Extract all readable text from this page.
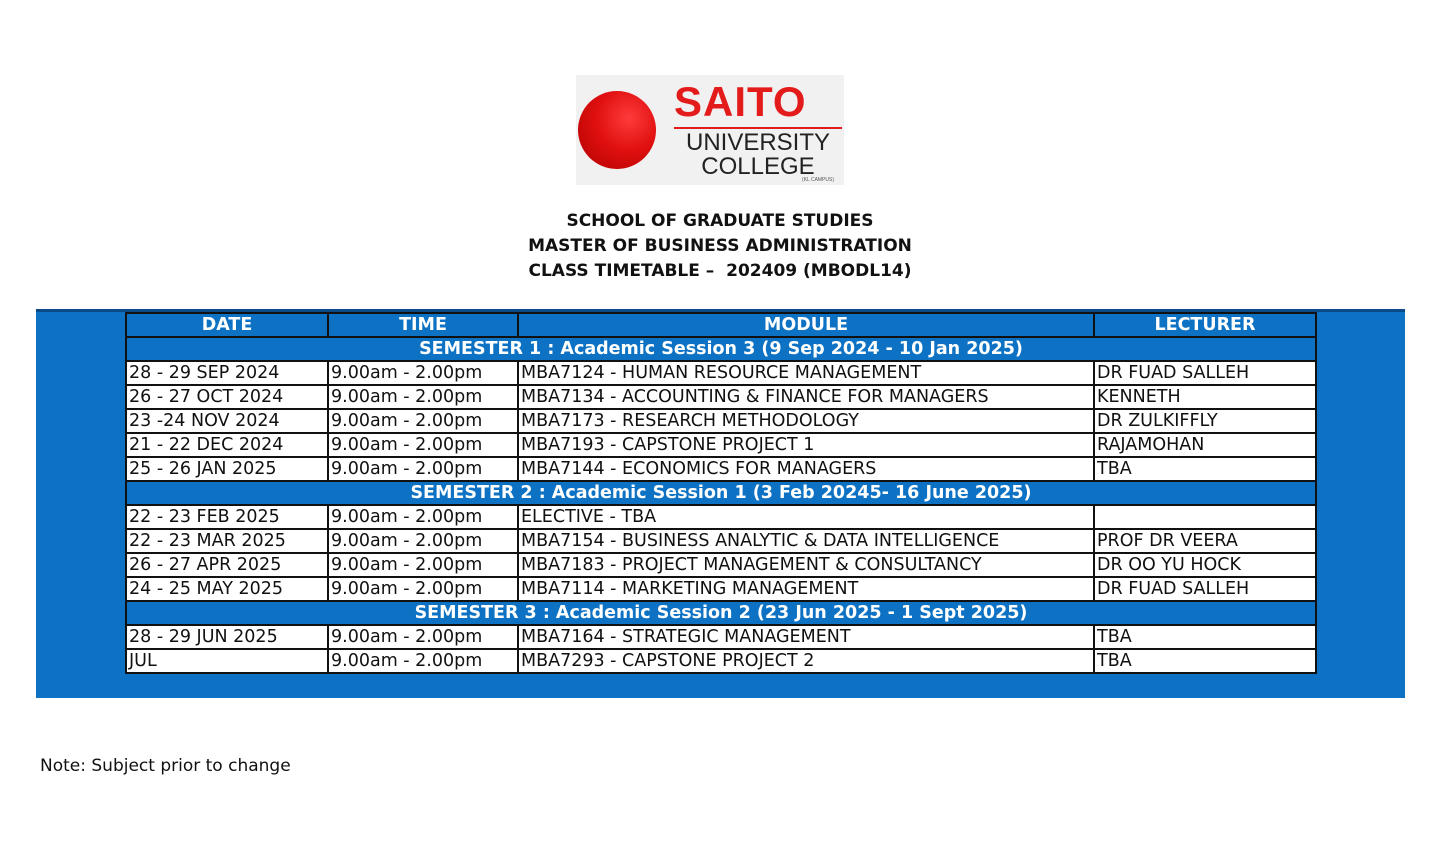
SAITO
UNIVERSITY
COLLEGE
(KL CAMPUS)
SCHOOL OF GRADUATE STUDIES
MASTER OF BUSINESS ADMINISTRATION
CLASS TIMETABLE –  202409 (MBODL14)
DATE	TIME	MODULE	LECTURER
SEMESTER 1 : Academic Session 3 (9 Sep 2024 - 10 Jan 2025)			
28 - 29 SEP 2024	9.00am - 2.00pm	MBA7124 - HUMAN RESOURCE MANAGEMENT	DR FUAD SALLEH
26 - 27 OCT 2024	9.00am - 2.00pm	MBA7134 - ACCOUNTING & FINANCE FOR MANAGERS	KENNETH
23 -24 NOV 2024	9.00am - 2.00pm	MBA7173 - RESEARCH METHODOLOGY	DR ZULKIFFLY
21 - 22 DEC 2024	9.00am - 2.00pm	MBA7193 - CAPSTONE PROJECT 1	RAJAMOHAN
25 - 26 JAN 2025	9.00am - 2.00pm	MBA7144 - ECONOMICS FOR MANAGERS	TBA
SEMESTER 2 : Academic Session 1 (3 Feb 20245- 16 June 2025)			
22 - 23 FEB 2025	9.00am - 2.00pm	ELECTIVE - TBA	
22 - 23 MAR 2025	9.00am - 2.00pm	MBA7154 - BUSINESS ANALYTIC & DATA INTELLIGENCE	PROF DR VEERA
26 - 27 APR 2025	9.00am - 2.00pm	MBA7183 - PROJECT MANAGEMENT & CONSULTANCY	DR OO YU HOCK
24 - 25 MAY 2025	9.00am - 2.00pm	MBA7114 - MARKETING MANAGEMENT	DR FUAD SALLEH
SEMESTER 3 : Academic Session 2 (23 Jun 2025 - 1 Sept 2025)			
28 - 29 JUN 2025	9.00am - 2.00pm	MBA7164 - STRATEGIC MANAGEMENT	TBA
JUL	9.00am - 2.00pm	MBA7293 - CAPSTONE PROJECT 2	TBA
Note: Subject prior to change
